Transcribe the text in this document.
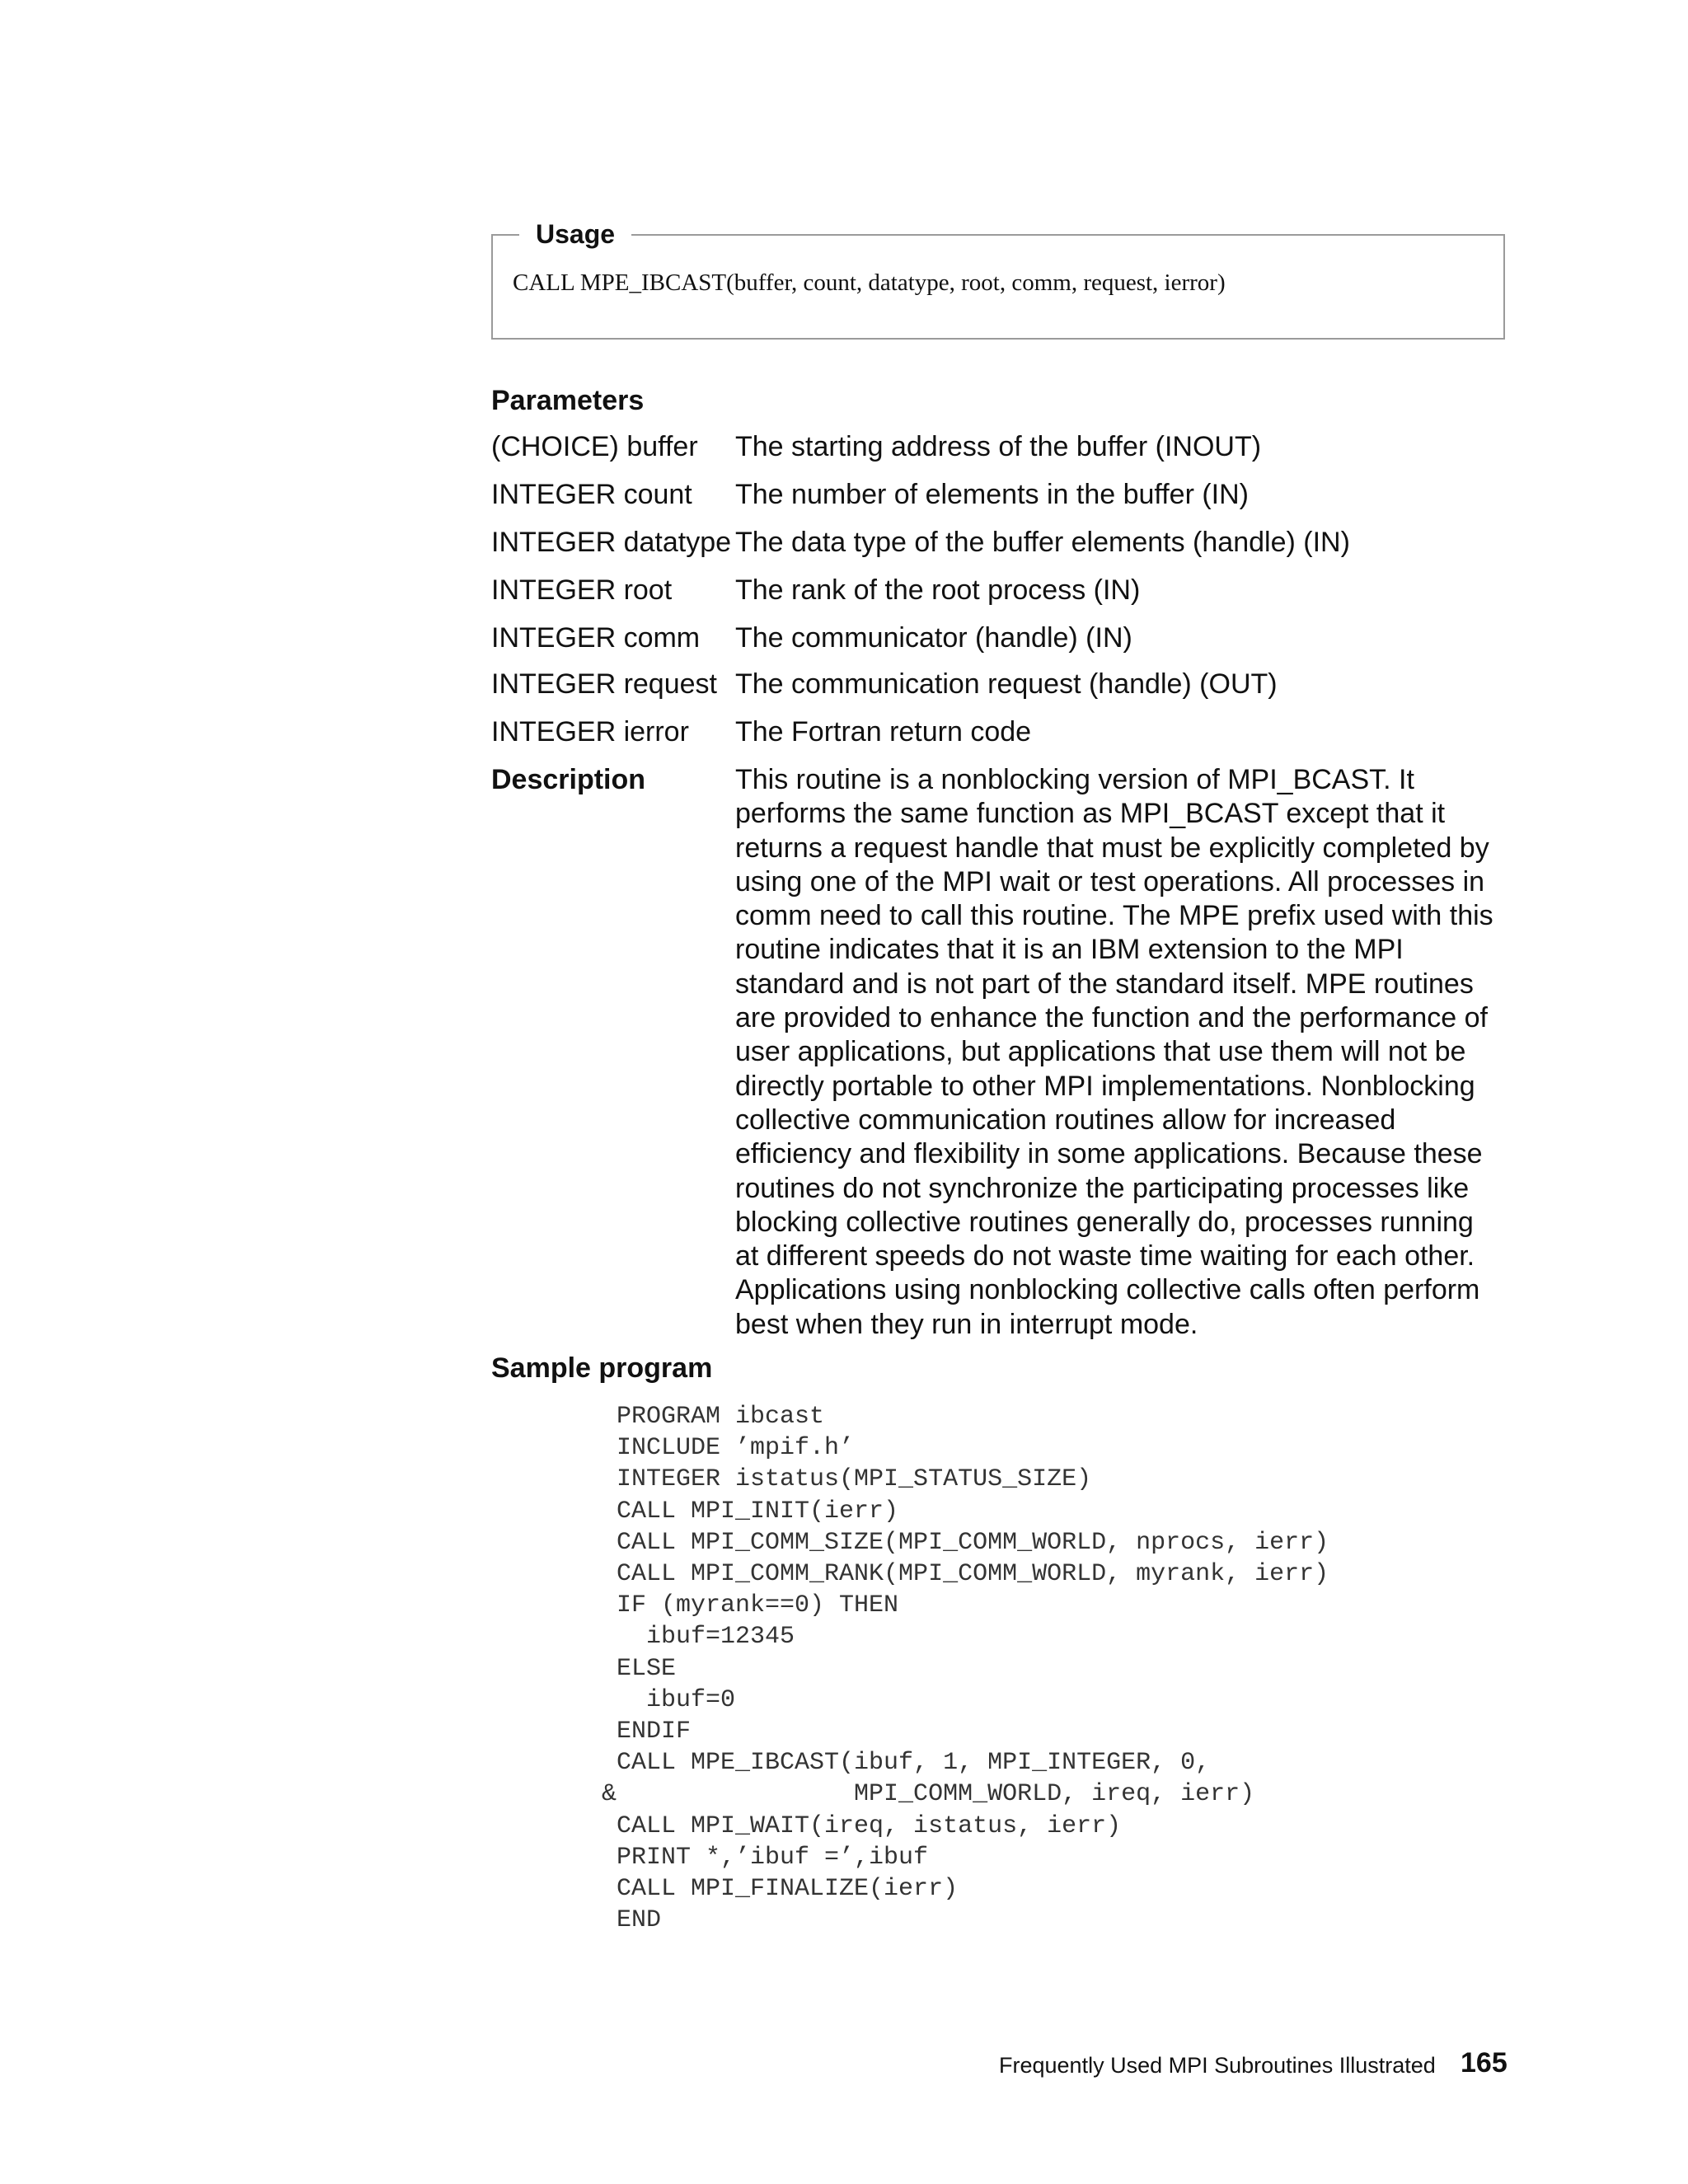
Usage
CALL MPE_IBCAST(buffer, count, datatype, root, comm, request, ierror)
Parameters
(CHOICE) buffer The starting address of the buffer (INOUT)
INTEGER count The number of elements in the buffer (IN)
INTEGER datatype The data type of the buffer elements (handle) (IN)
INTEGER root The rank of the root process (IN)
INTEGER comm The communicator (handle) (IN)
INTEGER request The communication request (handle) (OUT)
INTEGER ierror The Fortran return code
Description	This routine is a nonblocking version of MPI_BCAST. It
performs the same function as MPI_BCAST except that it
returns a request handle that must be explicitly completed by
using one of the MPI wait or test operations. All processes in
comm need to call this routine. The MPE prefix used with this
routine indicates that it is an IBM extension to the MPI
standard and is not part of the standard itself. MPE routines
are provided to enhance the function and the performance of
user applications, but applications that use them will not be
directly portable to other MPI implementations. Nonblocking
collective communication routines allow for increased
efficiency and flexibility in some applications. Because these
routines do not synchronize the participating processes like
blocking collective routines generally do, processes running
at different speeds do not waste time waiting for each other.
Applications using nonblocking collective calls often perform
best when they run in interrupt mode.
Sample program
PROGRAM ibcast
INCLUDE ’mpif.h’
INTEGER istatus(MPI_STATUS_SIZE)
CALL MPI_INIT(ierr)
CALL MPI_COMM_SIZE(MPI_COMM_WORLD, nprocs, ierr)
CALL MPI_COMM_RANK(MPI_COMM_WORLD, myrank, ierr)
IF (myrank==0) THEN
ibuf=12345
ELSE
ibuf=0
ENDIF
CALL MPE_IBCAST(ibuf, 1, MPI_INTEGER, 0,
&                MPI_COMM_WORLD, ireq, ierr)
CALL MPI_WAIT(ireq, istatus, ierr)
PRINT *,’ibuf =’,ibuf
CALL MPI_FINALIZE(ierr)
END
Frequently Used MPI Subroutines Illustrated 165
